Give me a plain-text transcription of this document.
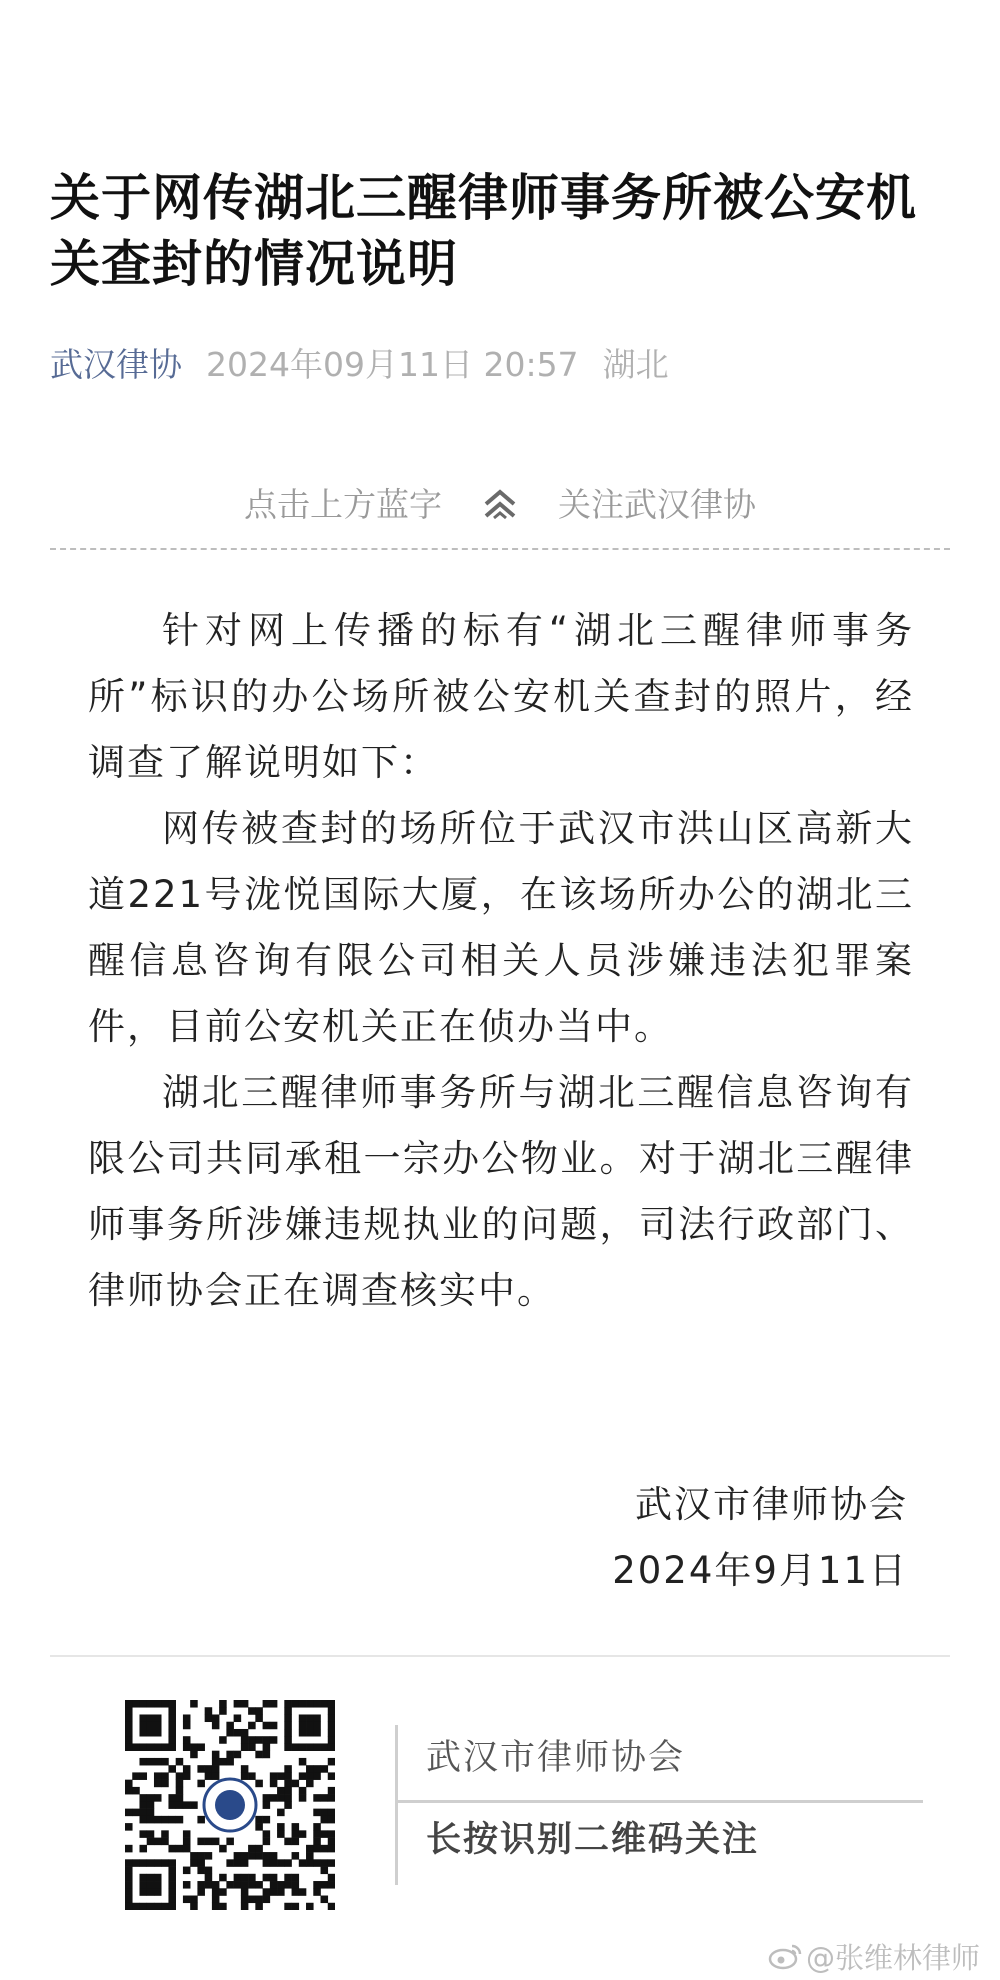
关于网传湖北三醒律师事务所被公安机关查封的情况说明
武汉律协 2024年09月11日 20:57 湖北
点击上方蓝字	关注武汉律协

针对网上传播的标有“湖北三醒律师事务所”标识的办公场所被公安机关查封的照片，经调查了解说明如下：

网传被查封的场所位于武汉市洪山区高新大道221号泷悦国际大厦，在该场所办公的湖北三醒信息咨询有限公司相关人员涉嫌违法犯罪案件，目前公安机关正在侦办当中。

湖北三醒律师事务所与湖北三醒信息咨询有限公司共同承租一宗办公物业。对于湖北三醒律师事务所涉嫌违规执业的问题，司法行政部门、律师协会正在调查核实中。

武汉市律师协会
2024年9月11日
武汉市律师协会
长按识别二维码关注
@张维林律师
